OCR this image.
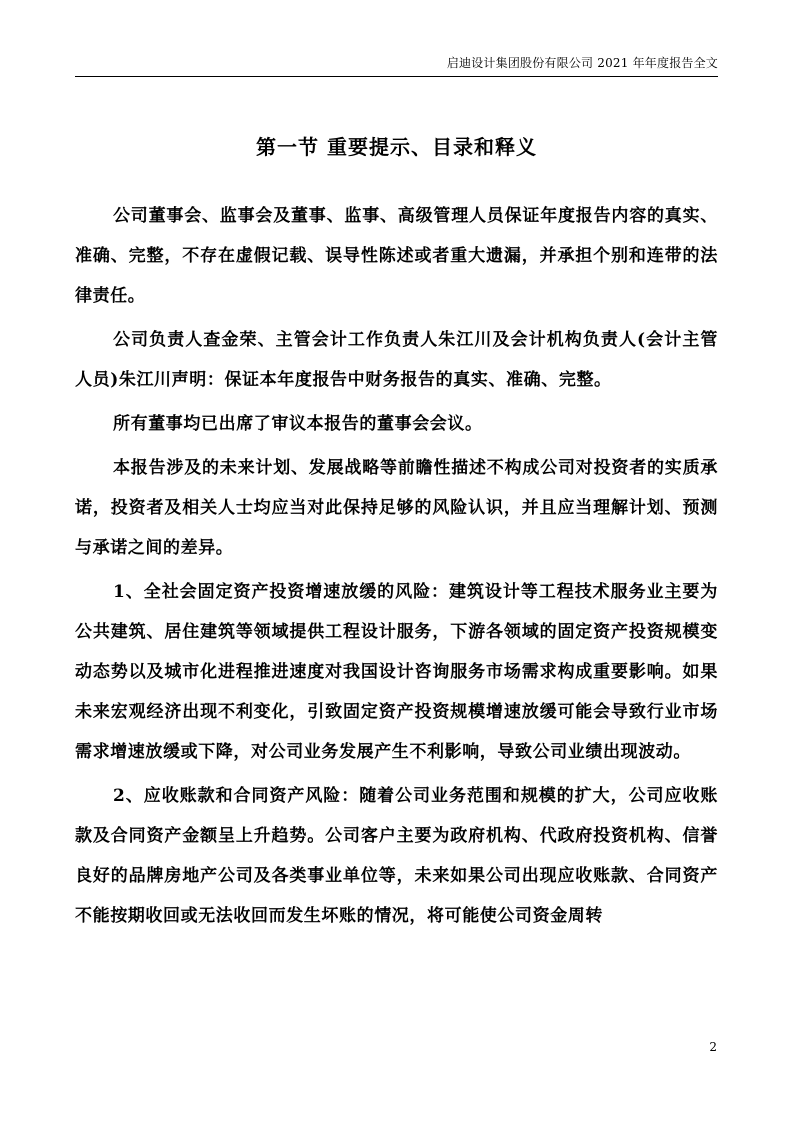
启迪设计集团股份有限公司 2021 年年度报告全文
第一节 重要提示、目录和释义

公司董事会、监事会及董事、监事、高级管理人员保证年度报告内容的真实、准确、完整，不存在虚假记载、误导性陈述或者重大遗漏，并承担个别和连带的法律责任。

公司负责人查金荣、主管会计工作负责人朱江川及会计机构负责人(会计主管人员)朱江川声明：保证本年度报告中财务报告的真实、准确、完整。

所有董事均已出席了审议本报告的董事会会议。

本报告涉及的未来计划、发展战略等前瞻性描述不构成公司对投资者的实质承诺，投资者及相关人士均应当对此保持足够的风险认识，并且应当理解计划、预测与承诺之间的差异。

1、全社会固定资产投资增速放缓的风险：建筑设计等工程技术服务业主要为公共建筑、居住建筑等领域提供工程设计服务，下游各领域的固定资产投资规模变动态势以及城市化进程推进速度对我国设计咨询服务市场需求构成重要影响。如果未来宏观经济出现不利变化，引致固定资产投资规模增速放缓可能会导致行业市场需求增速放缓或下降，对公司业务发展产生不利影响，导致公司业绩出现波动。

2、应收账款和合同资产风险：随着公司业务范围和规模的扩大，公司应收账款及合同资产金额呈上升趋势。公司客户主要为政府机构、代政府投资机构、信誉良好的品牌房地产公司及各类事业单位等，未来如果公司出现应收账款、合同资产不能按期收回或无法收回而发生坏账的情况，将可能使公司资金周转

2
